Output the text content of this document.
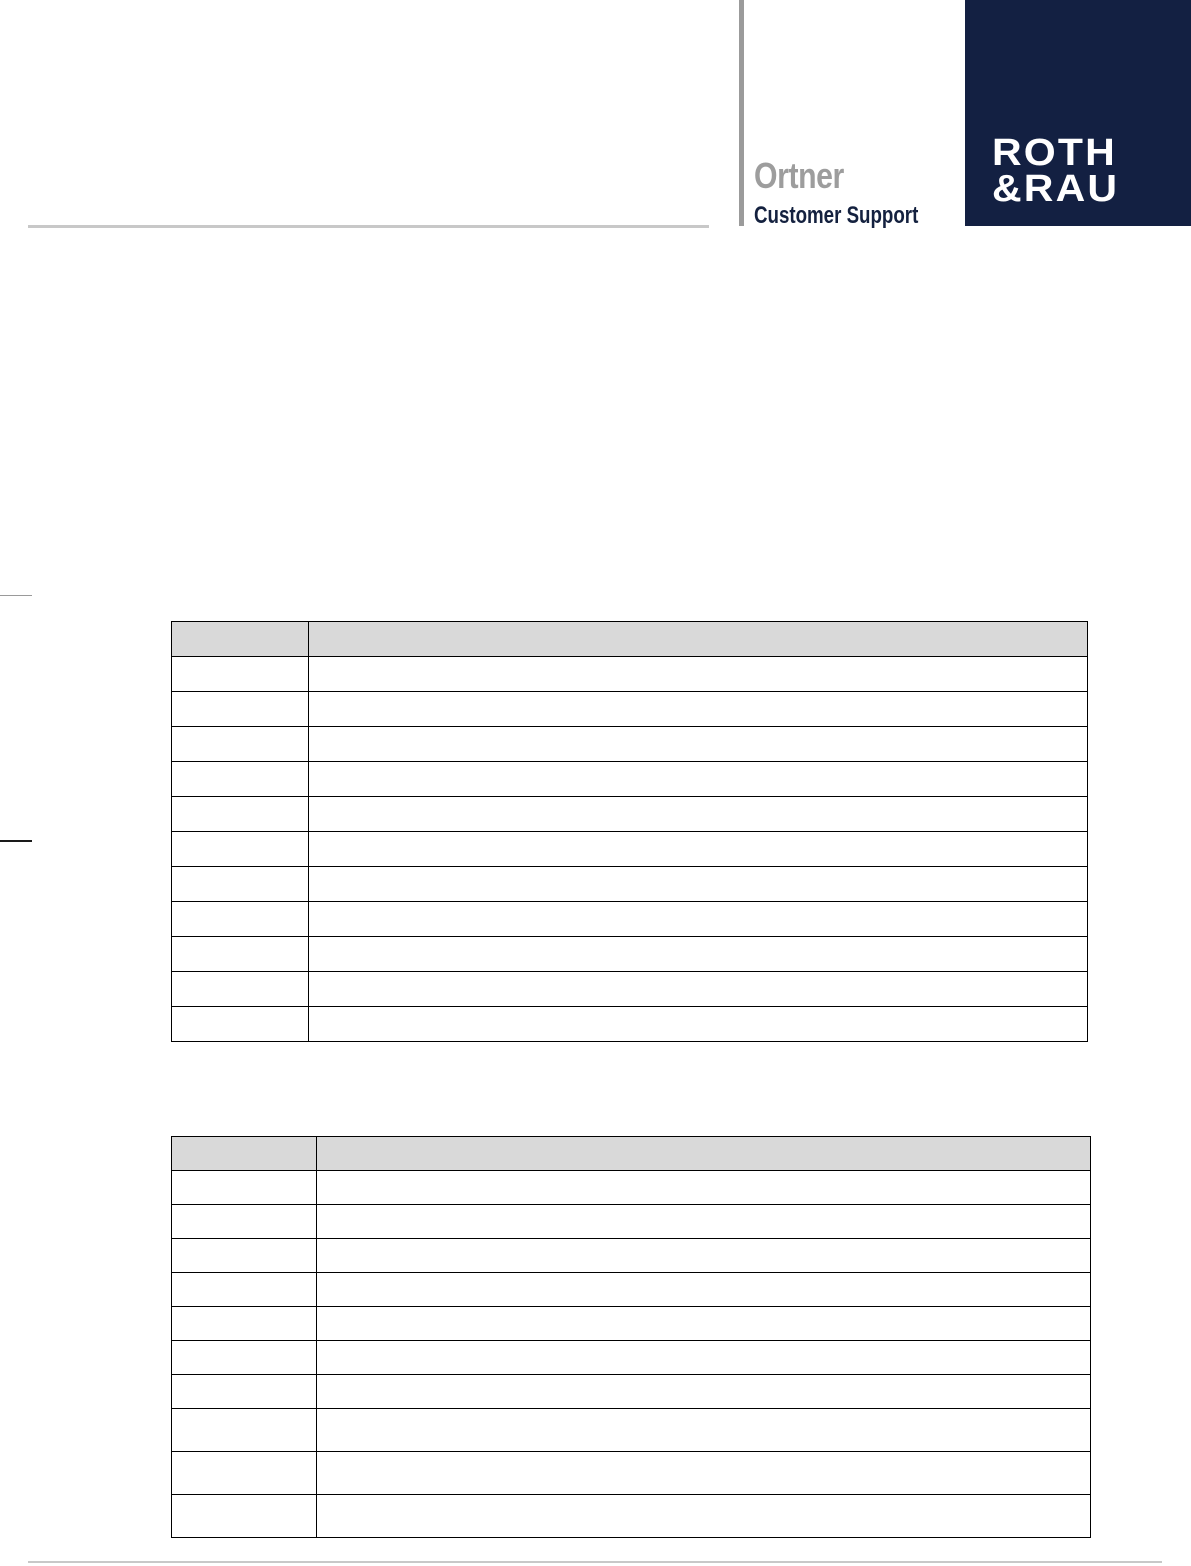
Ortner
Customer Support
ROTH
&RAU
